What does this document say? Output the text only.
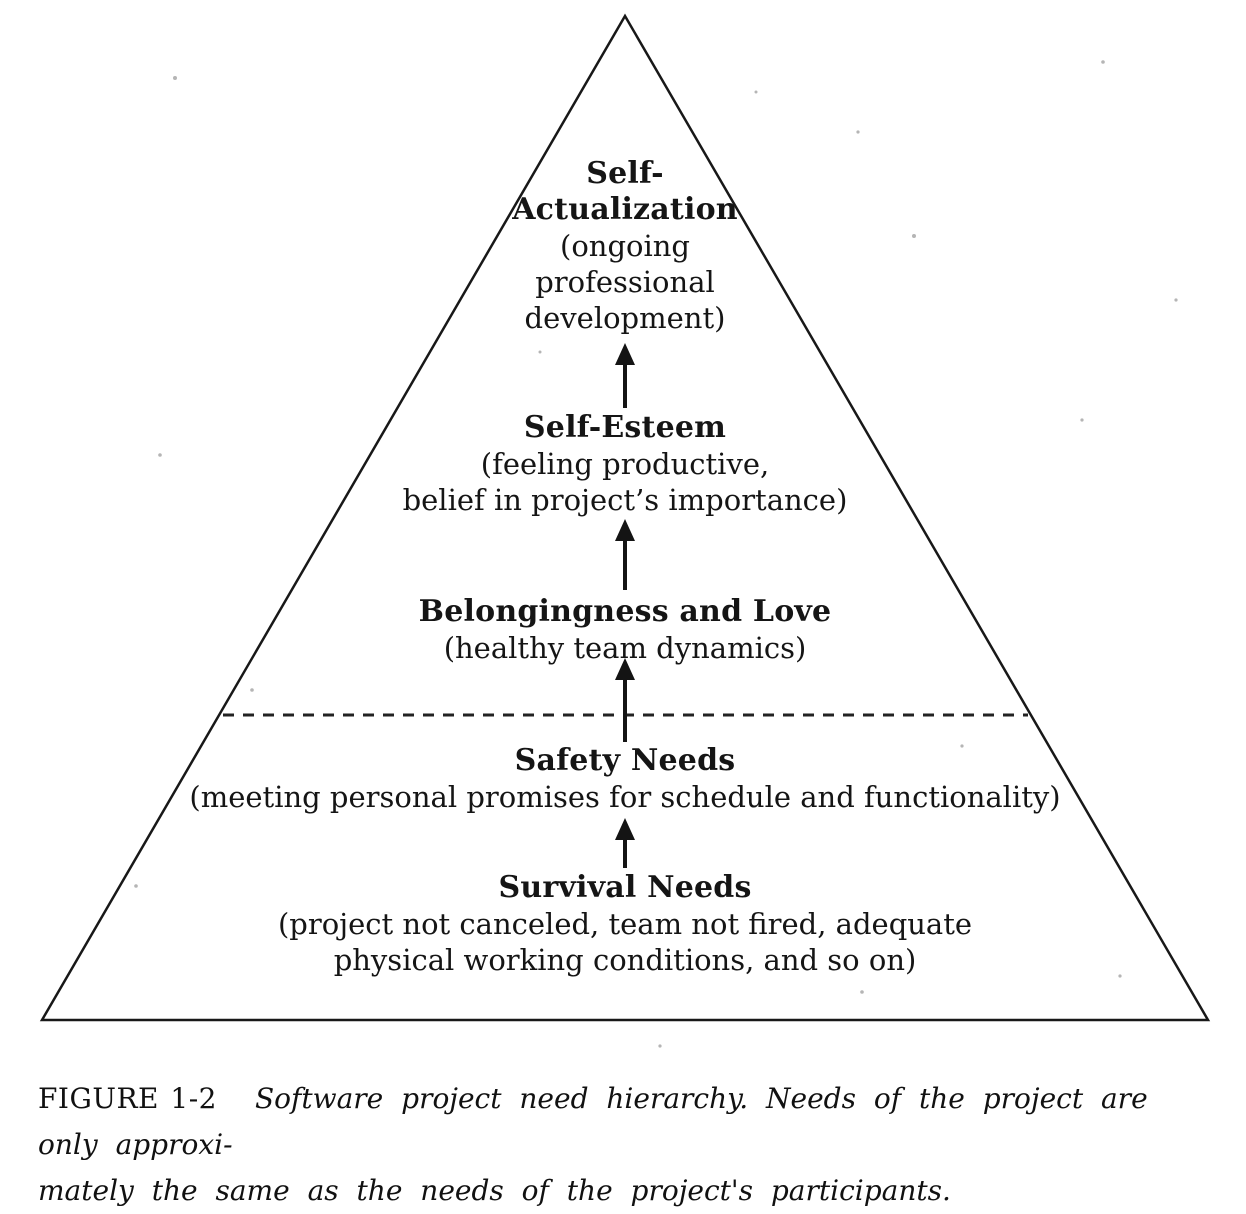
Self-
Actualization
(ongoing
professional
development)
Self-Esteem
(feeling productive,
belief in project’s importance)
Belongingness and Love
(healthy team dynamics)
Safety Needs
(meeting personal promises for schedule and functionality)
Survival Needs
(project not canceled, team not fired, adequate
physical working conditions, and so on)
FIGURE 1-2 Software project need hierarchy. Needs of the project are only approxi-
mately the same as the needs of the project's participants.
